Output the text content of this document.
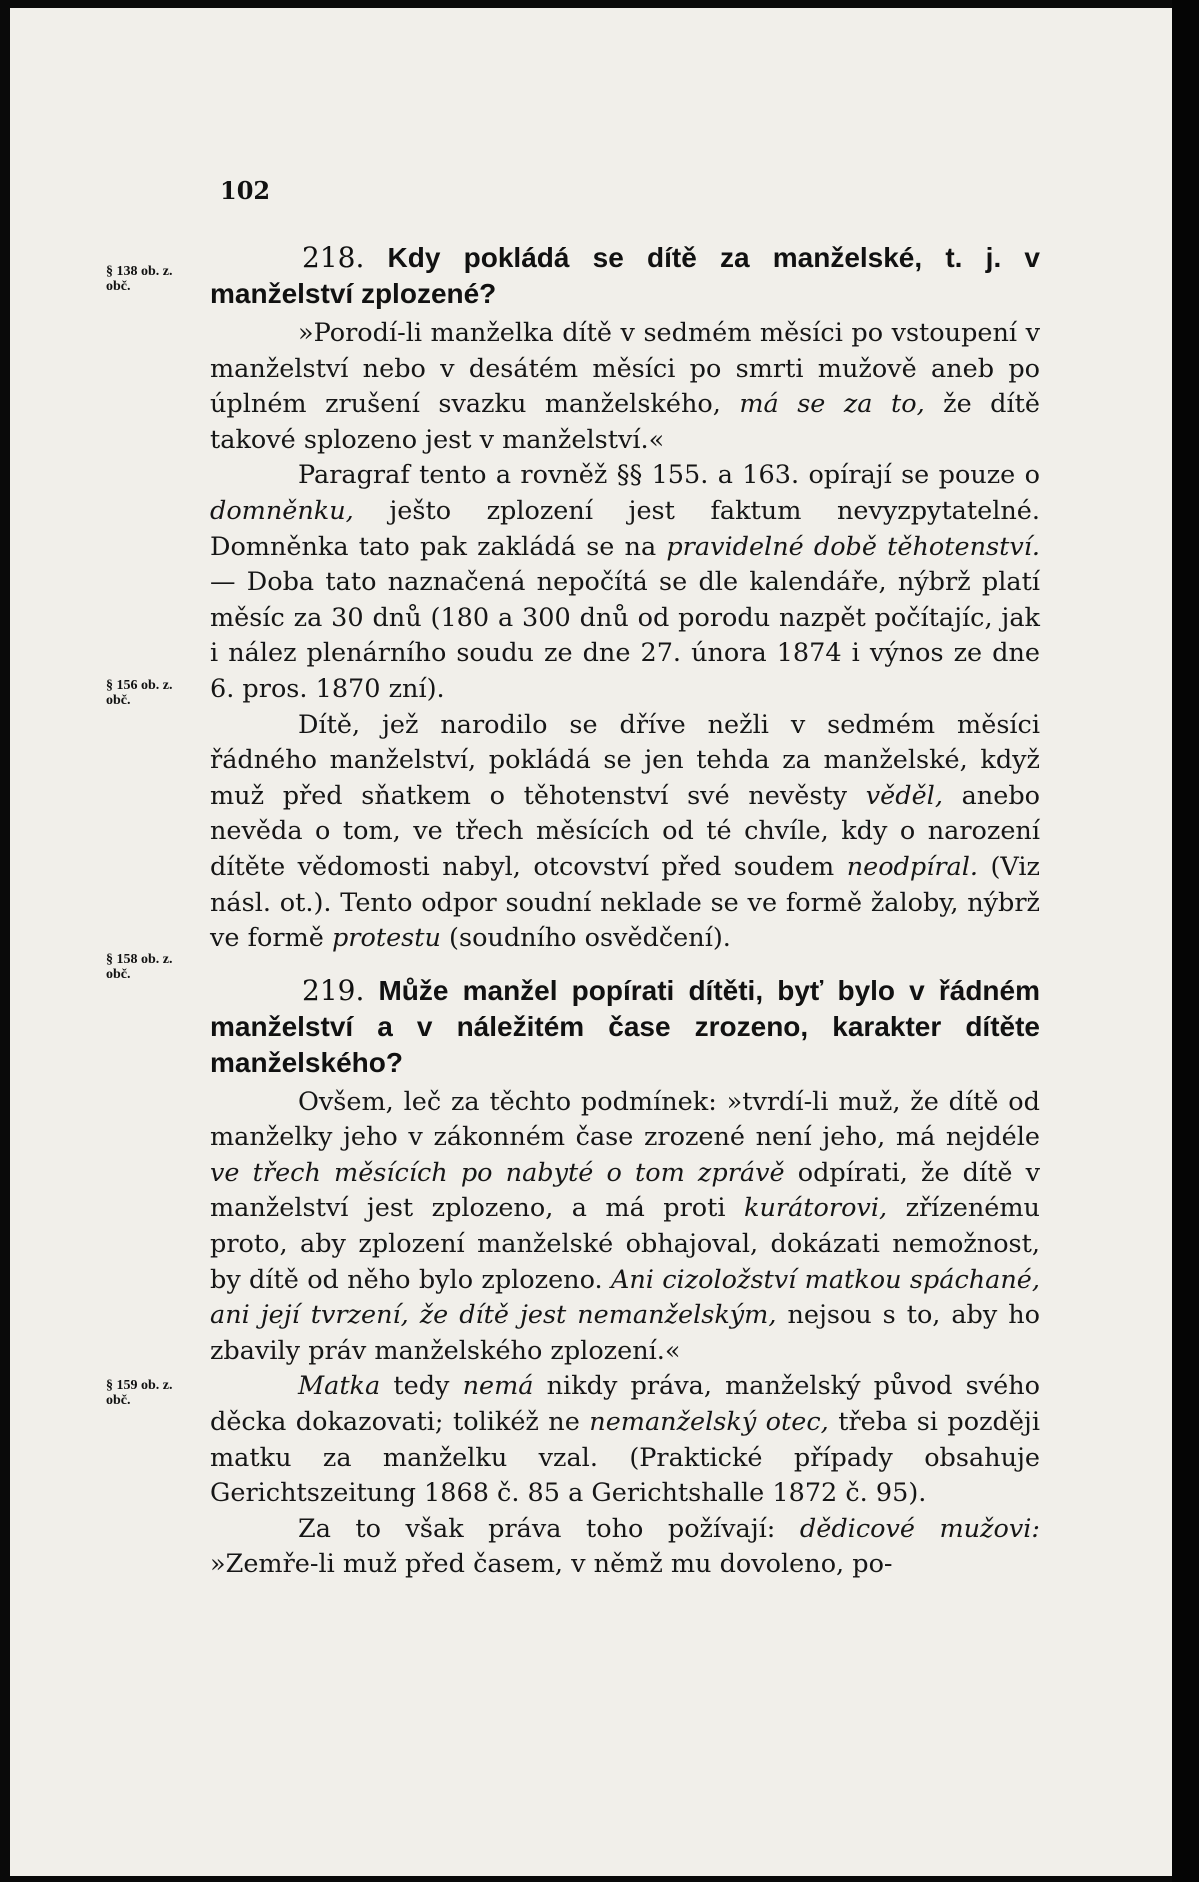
102
§ 138 ob. z. obč.
§ 156 ob. z. obč.
§ 158 ob. z. obč.
§ 159 ob. z. obč.
218. Kdy pokládá se dítě za manželské, t. j. v manželství zplozené?

»Porodí-li manželka dítě v sedmém měsíci po vstoupení v manželství nebo v desátém měsíci po smrti mužově aneb po úplném zrušení svazku manželského, má se za to, že dítě takové splozeno jest v manželství.«

Paragraf tento a rovněž §§ 155. a 163. opírají se pouze o domněnku, ješto zplození jest faktum nevyzpytatelné. Domněnka tato pak zakládá se na pravidelné době těhotenství. — Doba tato naznačená nepočítá se dle kalendáře, nýbrž platí měsíc za 30 dnů (180 a 300 dnů od porodu nazpět počítajíc, jak i nález plenárního soudu ze dne 27. února 1874 i výnos ze dne 6. pros. 1870 zní).

Dítě, jež narodilo se dříve nežli v sedmém měsíci řádného manželství, pokládá se jen tehda za manželské, když muž před sňatkem o těhotenství své nevěsty věděl, anebo nevěda o tom, ve třech měsících od té chvíle, kdy o narození dítěte vědomosti nabyl, otcovství před soudem neodpíral. (Viz násl. ot.). Tento odpor soudní neklade se ve formě žaloby, nýbrž ve formě protestu (soudního osvědčení).

219. Může manžel popírati dítěti, byť bylo v řádném manželství a v náležitém čase zrozeno, karakter dítěte manželského?

Ovšem, leč za těchto podmínek: »tvrdí-li muž, že dítě od manželky jeho v zákonném čase zrozené není jeho, má nejdéle ve třech měsících po nabyté o tom zprávě odpírati, že dítě v manželství jest zplozeno, a má proti kurátorovi, zřízenému proto, aby zplození manželské obhajoval, dokázati nemožnost, by dítě od něho bylo zplozeno. Ani cizoložství matkou spáchané, ani její tvrzení, že dítě jest nemanželským, nejsou s to, aby ho zbavily práv manželského zplození.«

Matka tedy nemá nikdy práva, manželský původ svého děcka dokazovati; tolikéž ne nemanželský otec, třeba si později matku za manželku vzal. (Praktické případy obsahuje Gerichtszeitung 1868 č. 85 a Gerichtshalle 1872 č. 95).

Za to však práva toho požívají: dědicové mužovi: »Zemře-li muž před časem, v němž mu dovoleno, po-
